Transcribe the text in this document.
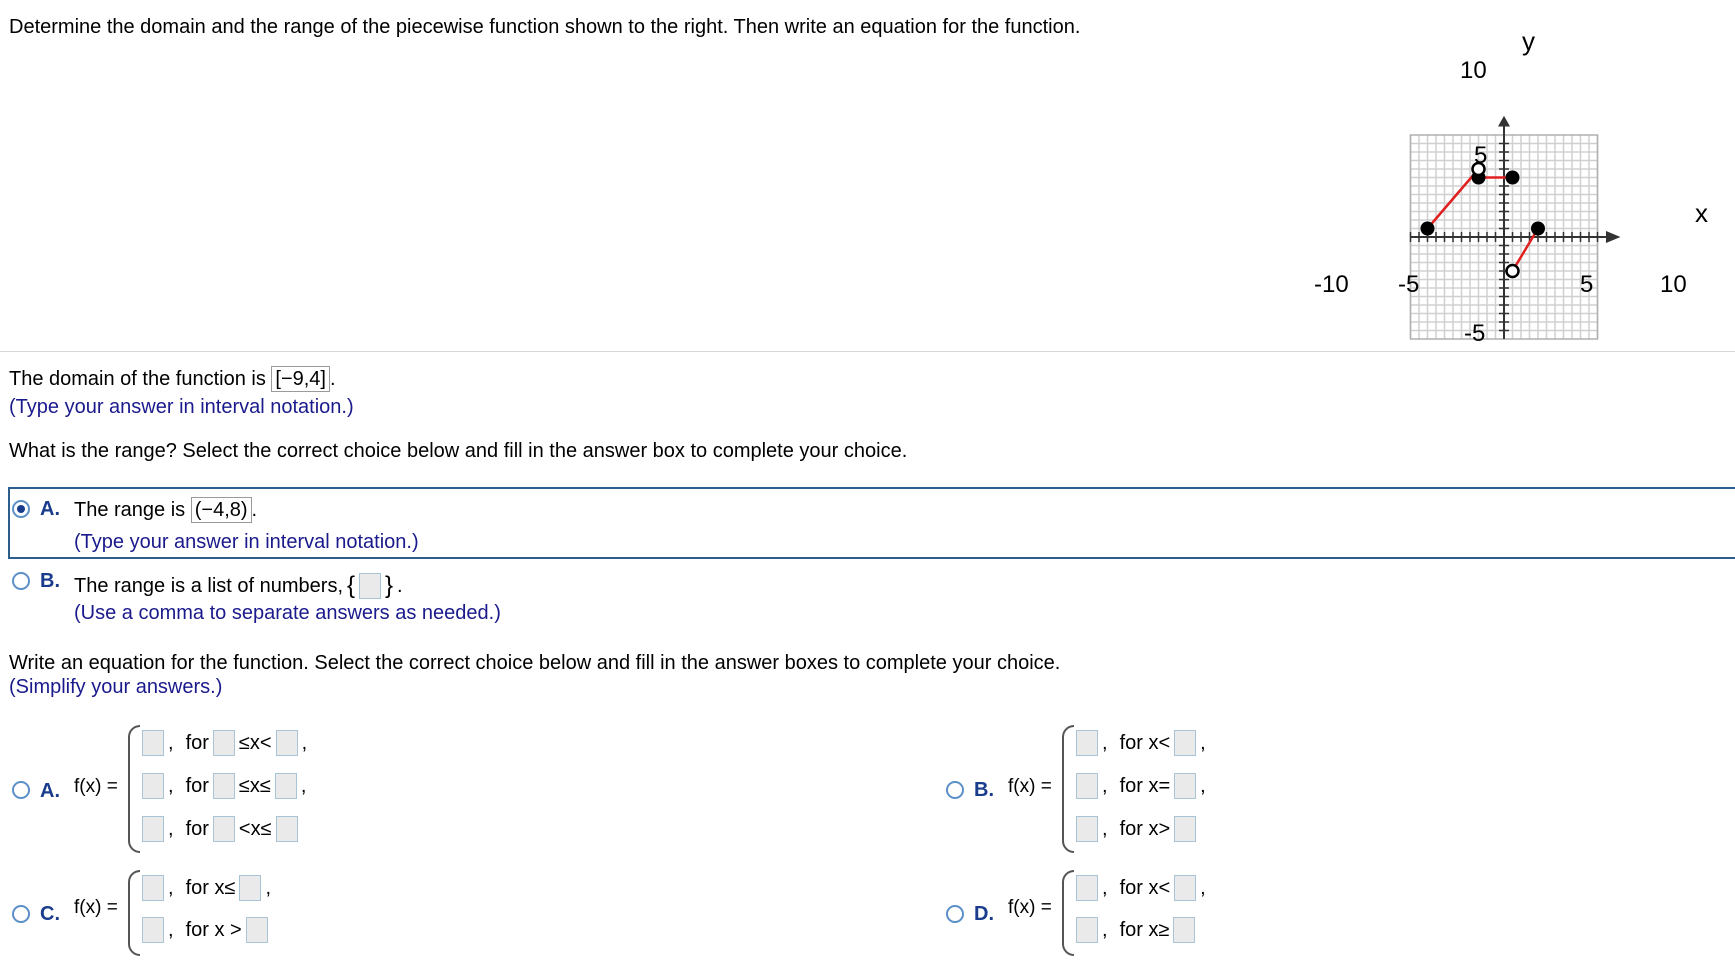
Determine the domain and the range of the piecewise function shown to the right. Then write an equation for the function.
x
y
-10 -5	5	10
10
5
-5
The domain of the function is [−9,4] .
(Type your answer in interval notation.)
What is the range? Select the correct choice below and fill in the answer box to complete your choice.
A. The range is (−4,8) .
(Type your answer in interval notation.)
B. The range is a list of numbers, { } .
(Use a comma to separate answers as needed.)
Write an equation for the function. Select the correct choice below and fill in the answer boxes to complete your choice.
(Simplify your answers.)
A. f(x) =
, for ≤x< ,
, for ≤x≤ ,
, for <x≤
B. f(x) =
, for x< ,
, for x= ,
, for x>
C. f(x) =
, for x≤ ,
, for x >
D. f(x) =
, for x< ,
, for x≥
